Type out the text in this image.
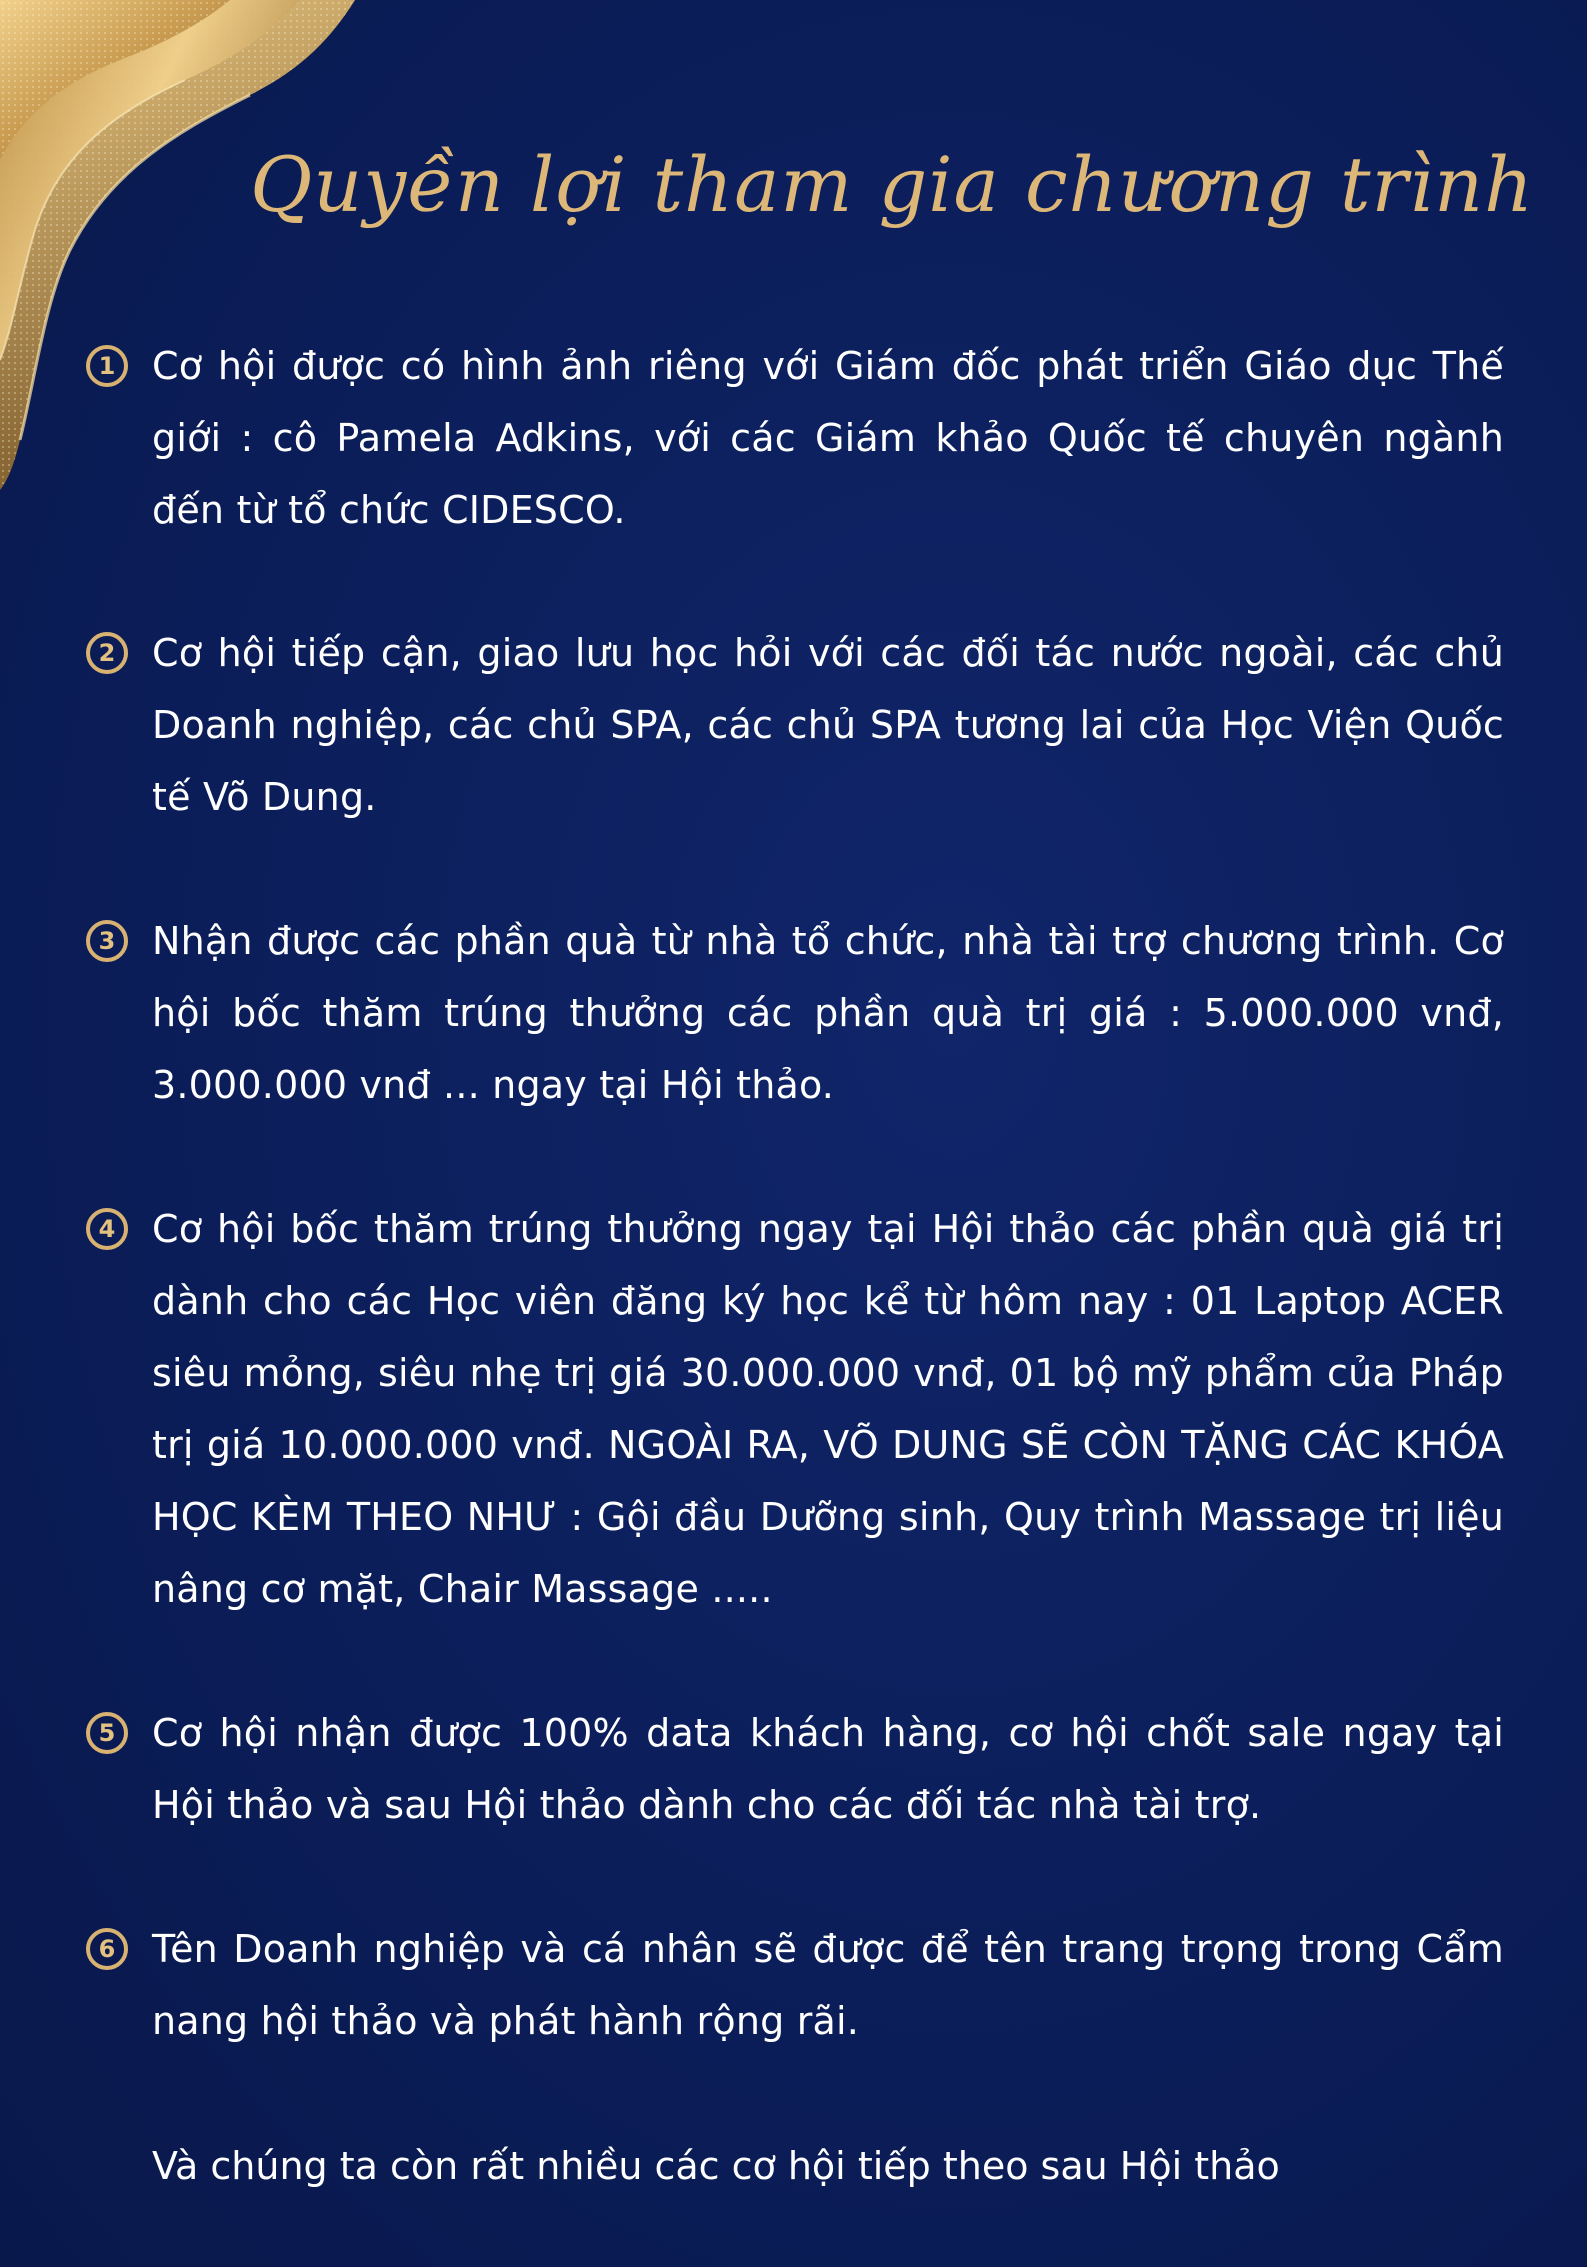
Quyền lợi tham gia chương trình
1 Cơ hội được có hình ảnh riêng với Giám đốc phát triển Giáo dục Thế giới : cô Pamela Adkins, với các Giám khảo Quốc tế chuyên ngành đến từ tổ chức CIDESCO.
2 Cơ hội tiếp cận, giao lưu học hỏi với các đối tác nước ngoài, các chủ Doanh nghiệp, các chủ SPA, các chủ SPA tương lai của Học Viện Quốc tế Võ Dung.
3 Nhận được các phần quà từ nhà tổ chức, nhà tài trợ chương trình. Cơ hội bốc thăm trúng thưởng các phần quà trị giá : 5.000.000 vnđ, 3.000.000 vnđ ... ngay tại Hội thảo.
4 Cơ hội bốc thăm trúng thưởng ngay tại Hội thảo các phần quà giá trị dành cho các Học viên đăng ký học kể từ hôm nay : 01 Laptop ACER siêu mỏng, siêu nhẹ trị giá 30.000.000 vnđ, 01 bộ mỹ phẩm của Pháp trị giá 10.000.000 vnđ. NGOÀI RA, VÕ DUNG SẼ CÒN TẶNG CÁC KHÓA HỌC KÈM THEO NHƯ : Gội đầu Dưỡng sinh, Quy trình Massage trị liệu nâng cơ mặt, Chair Massage .....
5 Cơ hội nhận được 100% data khách hàng, cơ hội chốt sale ngay tại Hội thảo và sau Hội thảo dành cho các đối tác nhà tài trợ.
6 Tên Doanh nghiệp và cá nhân sẽ được để tên trang trọng trong Cẩm nang hội thảo và phát hành rộng rãi.
Và chúng ta còn rất nhiều các cơ hội tiếp theo sau Hội thảo
